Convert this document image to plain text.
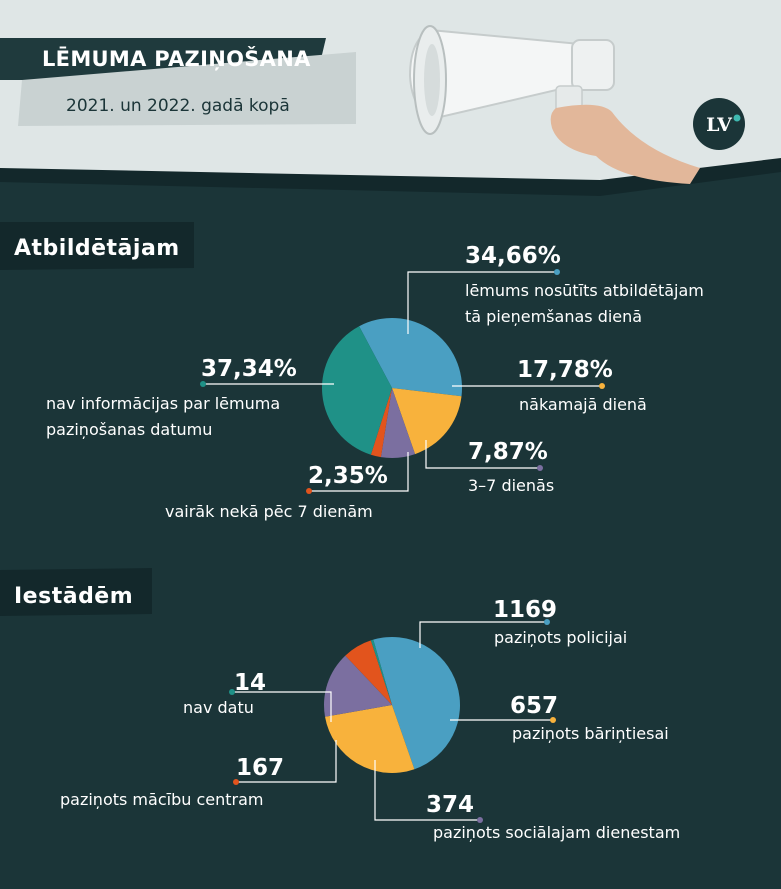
LĒMUMA PAZIŅOŠANA
2021. un 2022. gadā kopā
LV
Atbildētājam	34,66%
lēmums nosūtīts atbildētājam
tā pieņemšanas dienā
17,78%
nākamajā dienā
7,87%
3–7 dienās
2,35%
vairāk nekā pēc 7 dienām
37,34%
nav informācijas par lēmuma
paziņošanas datumu
Iestādēm
1169
paziņots policijai
657
paziņots bāriņtiesai
374
paziņots sociālajam dienestam
167
paziņots mācību centram
14
nav datu
